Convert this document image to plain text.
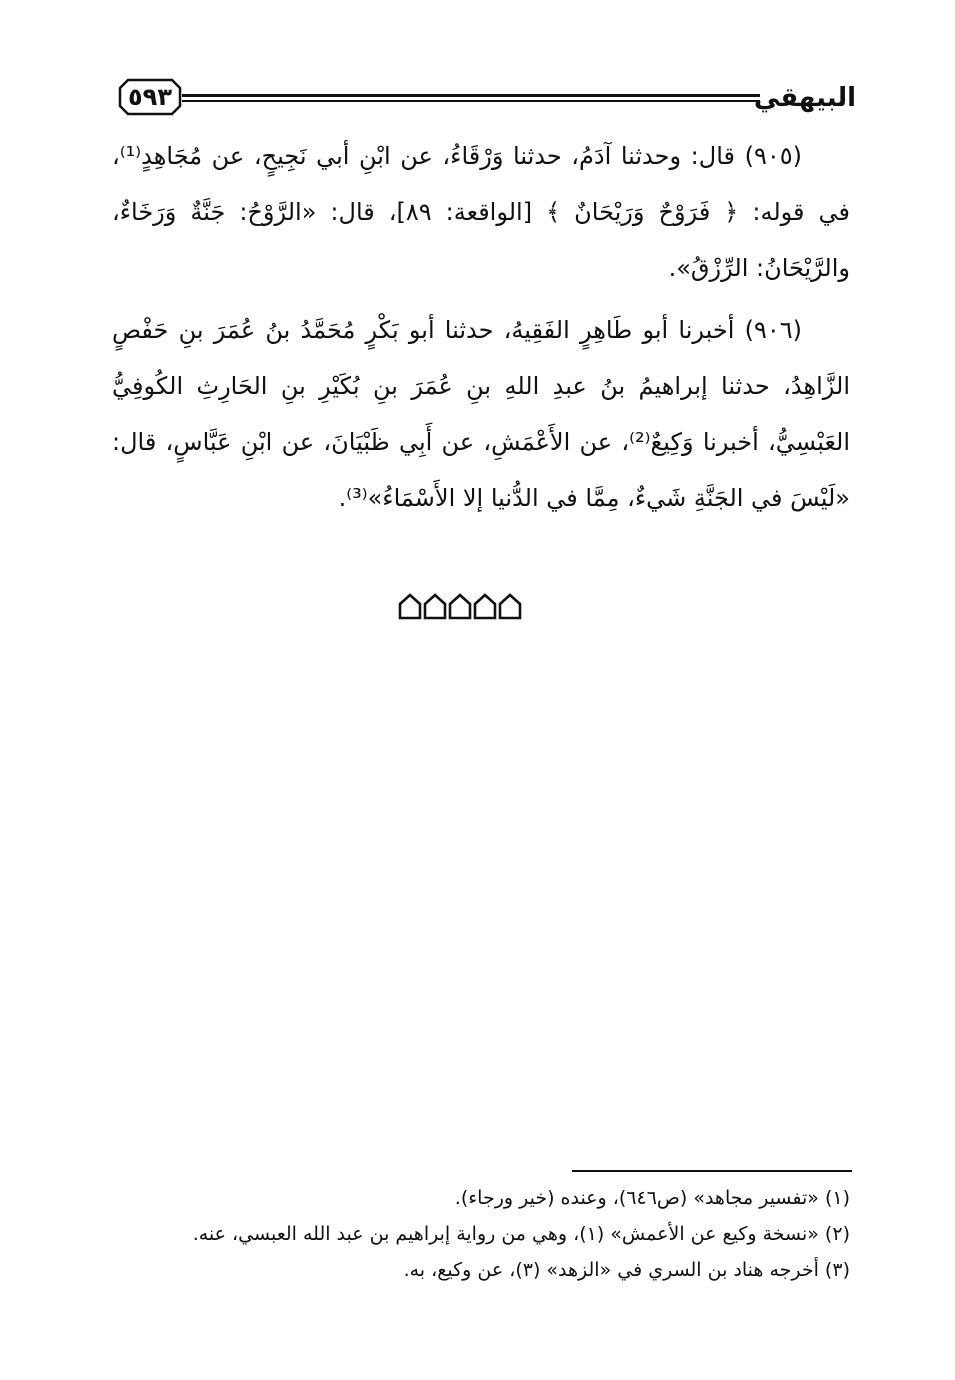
٥٩٣	البيهقي

(٩٠٥) قال: وحدثنا آدَمُ، حدثنا وَرْقَاءُ، عن ابْنِ أبي نَجِيحٍ، عن مُجَاهِدٍ⁽¹⁾، في قوله: ﴿ فَرَوْحٌ وَرَيْحَانٌ ﴾ [الواقعة: ٨٩]، قال: «الرَّوْحُ: جَنَّةٌ وَرَخَاءٌ، والرَّيْحَانُ: الرِّزْقُ».

(٩٠٦) أخبرنا أبو طَاهِرٍ الفَقِيهُ، حدثنا أبو بَكْرٍ مُحَمَّدُ بنُ عُمَرَ بنِ حَفْصٍ الزَّاهِدُ، حدثنا إبراهيمُ بنُ عبدِ اللهِ بنِ عُمَرَ بنِ بُكَيْرِ بنِ الحَارِثِ الكُوفِيُّ العَبْسِيُّ، أخبرنا وَكِيعٌ⁽²⁾، عن الأَعْمَشِ، عن أَبِي ظَبْيَانَ، عن ابْنِ عَبَّاسٍ، قال: «لَيْسَ في الجَنَّةِ شَيءٌ، مِمَّا في الدُّنيا إلا الأَسْمَاءُ»⁽³⁾.

(١) «تفسير مجاهد» (ص٦٤٦)، وعنده (خير ورجاء).

(٢) «نسخة وكيع عن الأعمش» (١)، وهي من رواية إبراهيم بن عبد الله العبسي، عنه.

(٣) أخرجه هناد بن السري في «الزهد» (٣)، عن وكيع، به.
